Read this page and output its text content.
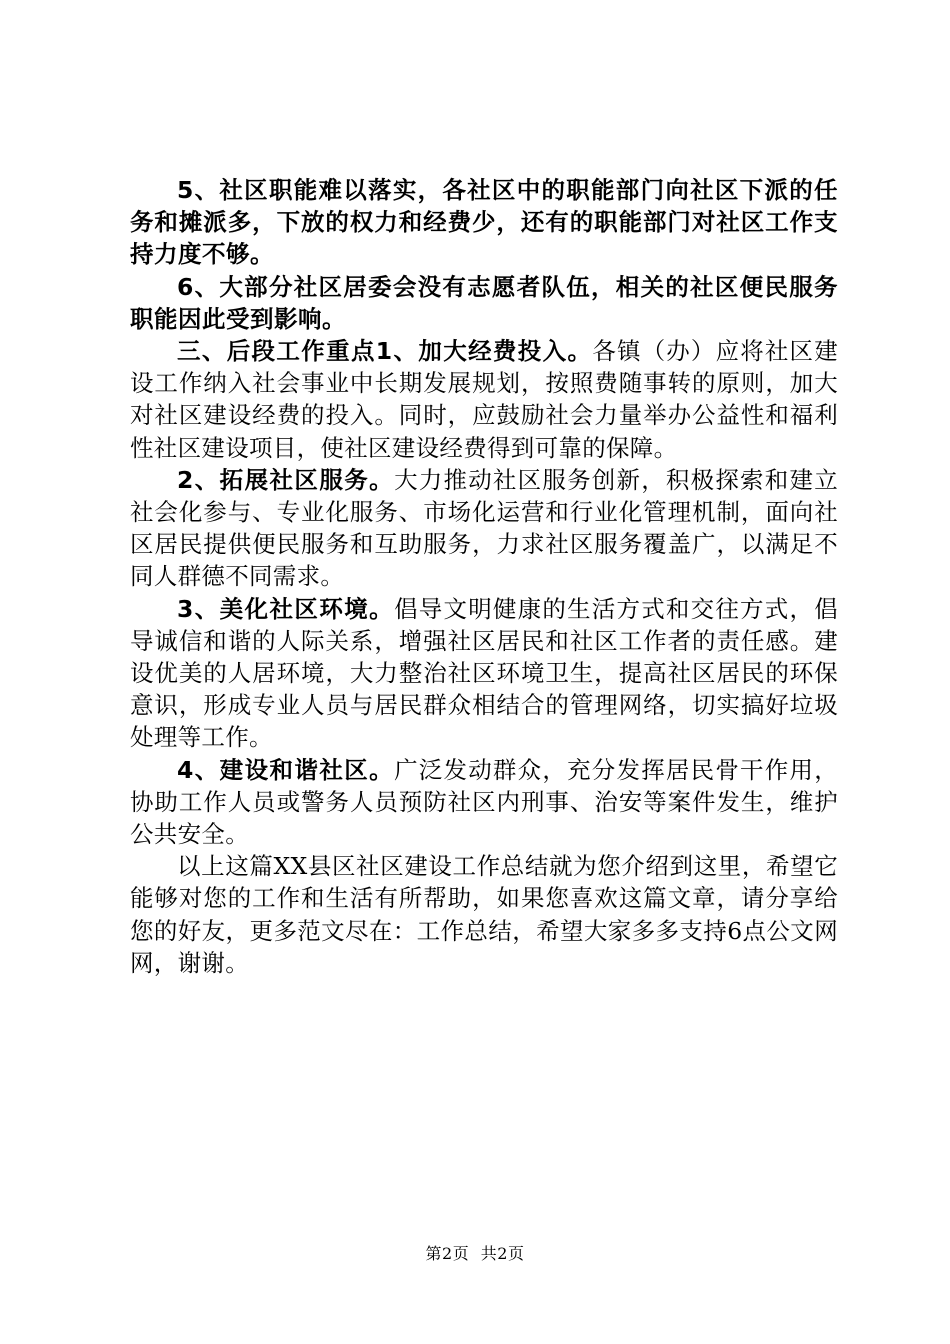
5、社区职能难以落实，各社区中的职能部门向社区下派的任务和摊派多，下放的权力和经费少，还有的职能部门对社区工作支持力度不够。

6、大部分社区居委会没有志愿者队伍，相关的社区便民服务职能因此受到影响。

三、后段工作重点1、加大经费投入。各镇（办）应将社区建设工作纳入社会事业中长期发展规划，按照费随事转的原则，加大对社区建设经费的投入。同时，应鼓励社会力量举办公益性和福利性社区建设项目，使社区建设经费得到可靠的保障。

2、拓展社区服务。大力推动社区服务创新，积极探索和建立社会化参与、专业化服务、市场化运营和行业化管理机制，面向社区居民提供便民服务和互助服务，力求社区服务覆盖广，以满足不同人群德不同需求。

3、美化社区环境。倡导文明健康的生活方式和交往方式，倡导诚信和谐的人际关系，增强社区居民和社区工作者的责任感。建设优美的人居环境，大力整治社区环境卫生，提高社区居民的环保意识，形成专业人员与居民群众相结合的管理网络，切实搞好垃圾处理等工作。

4、建设和谐社区。广泛发动群众，充分发挥居民骨干作用，协助工作人员或警务人员预防社区内刑事、治安等案件发生，维护公共安全。

以上这篇XX县区社区建设工作总结就为您介绍到这里，希望它能够对您的工作和生活有所帮助，如果您喜欢这篇文章，请分享给您的好友，更多范文尽在：工作总结，希望大家多多支持6点公文网网，谢谢。

第2页 共2页
